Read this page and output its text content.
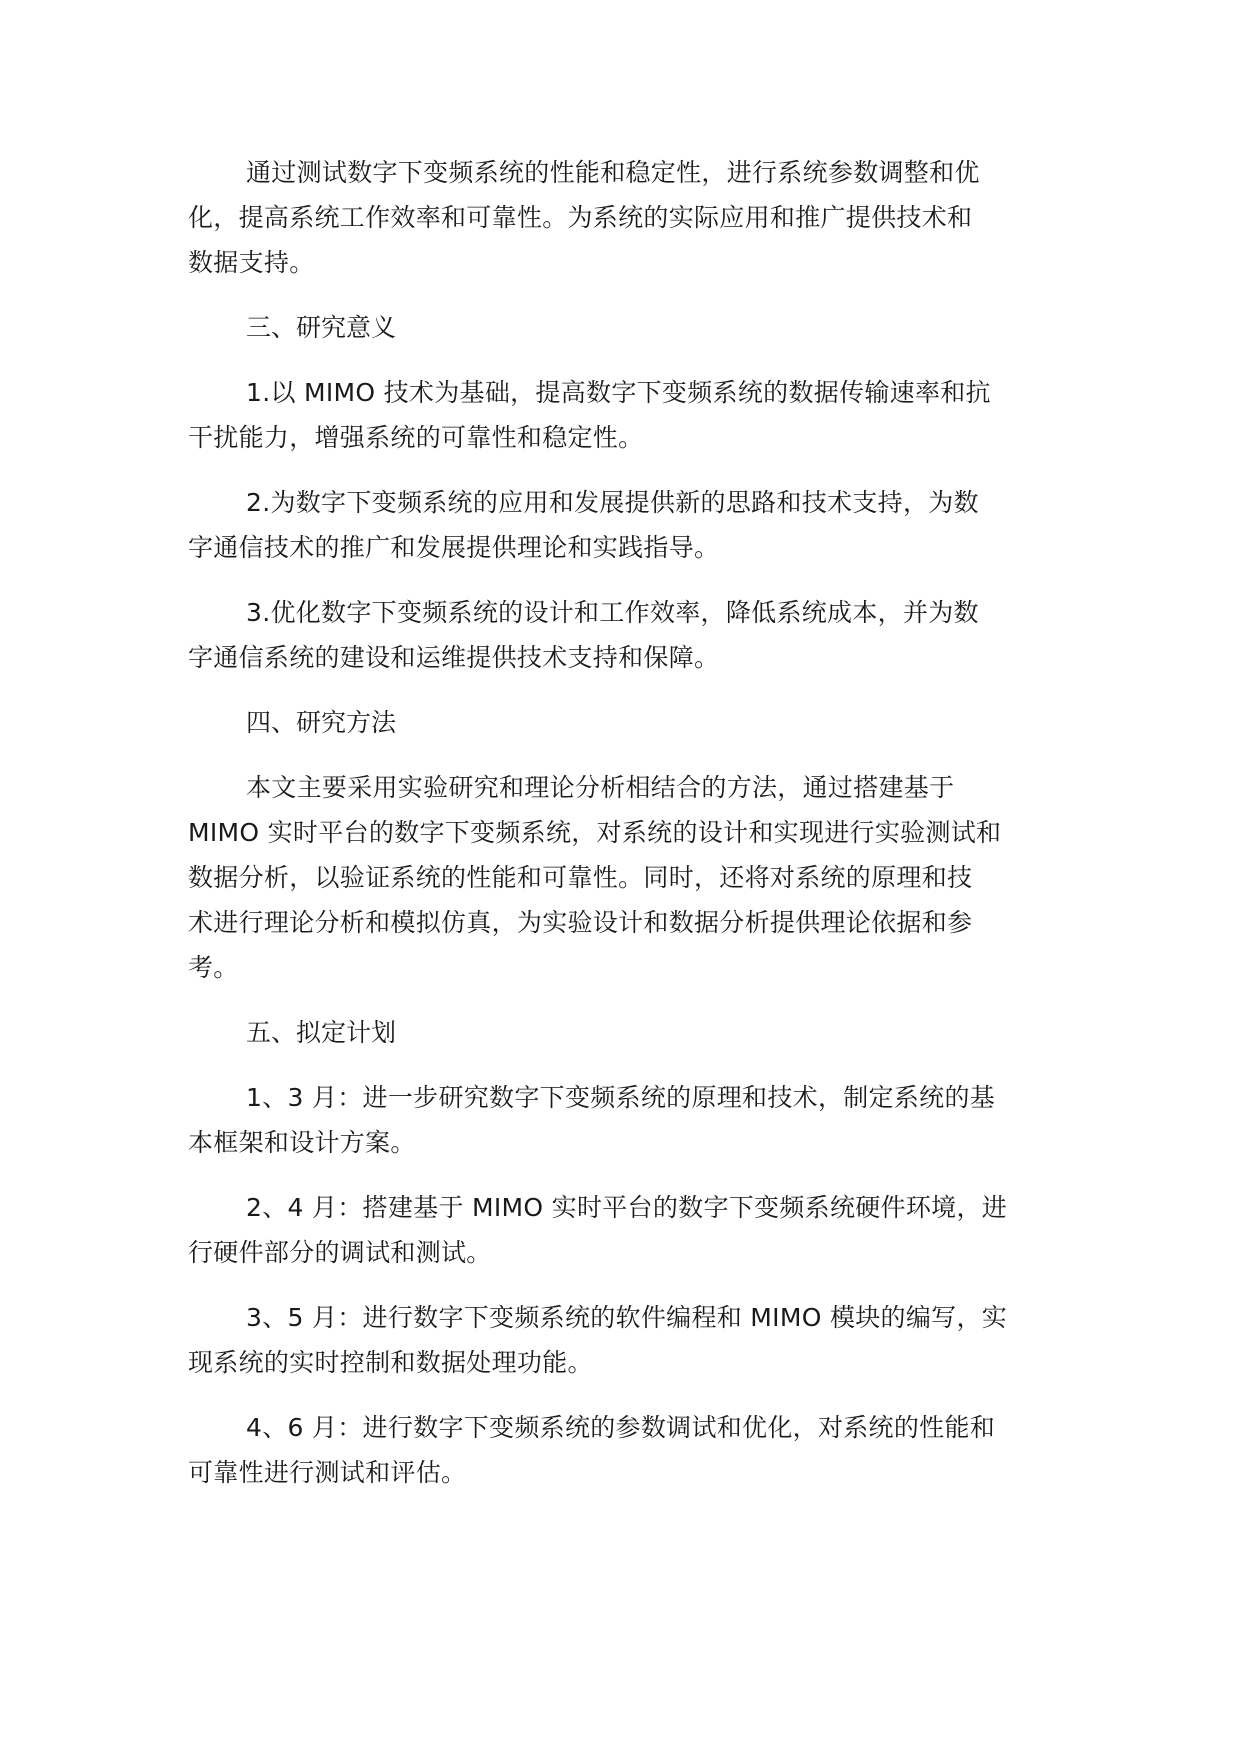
通过测试数字下变频系统的性能和稳定性，进行系统参数调整和优
化，提高系统工作效率和可靠性。为系统的实际应用和推广提供技术和
数据支持。

三、研究意义

1.以 MIMO 技术为基础，提高数字下变频系统的数据传输速率和抗
干扰能力，增强系统的可靠性和稳定性。

2.为数字下变频系统的应用和发展提供新的思路和技术支持，为数
字通信技术的推广和发展提供理论和实践指导。

3.优化数字下变频系统的设计和工作效率，降低系统成本，并为数
字通信系统的建设和运维提供技术支持和保障。

四、研究方法

本文主要采用实验研究和理论分析相结合的方法，通过搭建基于
MIMO 实时平台的数字下变频系统，对系统的设计和实现进行实验测试和
数据分析，以验证系统的性能和可靠性。同时，还将对系统的原理和技
术进行理论分析和模拟仿真，为实验设计和数据分析提供理论依据和参
考。

五、拟定计划

1、3 月：进一步研究数字下变频系统的原理和技术，制定系统的基
本框架和设计方案。

2、4 月：搭建基于 MIMO 实时平台的数字下变频系统硬件环境，进
行硬件部分的调试和测试。

3、5 月：进行数字下变频系统的软件编程和 MIMO 模块的编写，实
现系统的实时控制和数据处理功能。

4、6 月：进行数字下变频系统的参数调试和优化，对系统的性能和
可靠性进行测试和评估。
